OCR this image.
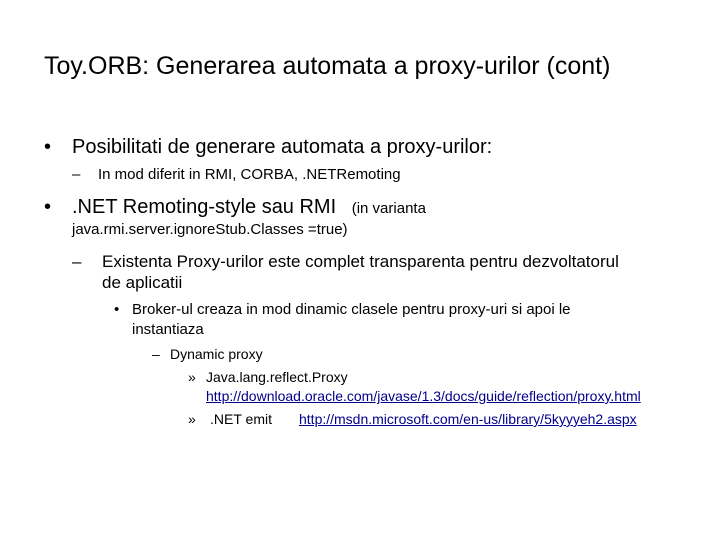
Toy.ORB: Generarea automata a proxy-urilor (cont)
• Posibilitati de generare automata a proxy-urilor:
– In mod diferit in RMI, CORBA, .NETRemoting
• .NET Remoting-style sau RMI (in varianta
java.rmi.server.ignoreStub.Classes =true)
– Existenta Proxy-urilor este complet transparenta pentru dezvoltatorul
de aplicatii
• Broker-ul creaza in mod dinamic clasele pentru proxy-uri si apoi le
instantiaza
– Dynamic proxy
» Java.lang.reflect.Proxy
http://download.oracle.com/javase/1.3/docs/guide/reflection/proxy.html
» .NET emit http://msdn.microsoft.com/en-us/library/5kyyyeh2.aspx
